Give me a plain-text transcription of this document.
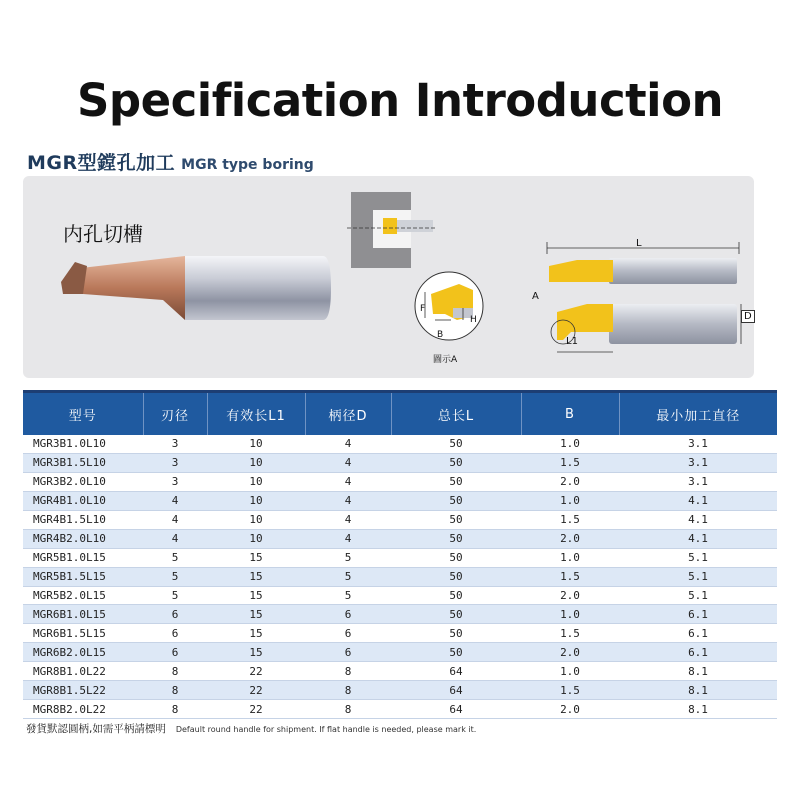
Specification Introduction
MGR型鏜孔加工 MGR type boring
内孔切槽
F
B
H
圖示A
L
A
D
L1
型号	刃径	有效长L1	柄径D	总长L	B	最小加工直径
MGR3B1.0L10	3	10	4	50	1.0	3.1
MGR3B1.5L10	3	10	4	50	1.5	3.1
MGR3B2.0L10	3	10	4	50	2.0	3.1
MGR4B1.0L10	4	10	4	50	1.0	4.1
MGR4B1.5L10	4	10	4	50	1.5	4.1
MGR4B2.0L10	4	10	4	50	2.0	4.1
MGR5B1.0L15	5	15	5	50	1.0	5.1
MGR5B1.5L15	5	15	5	50	1.5	5.1
MGR5B2.0L15	5	15	5	50	2.0	5.1
MGR6B1.0L15	6	15	6	50	1.0	6.1
MGR6B1.5L15	6	15	6	50	1.5	6.1
MGR6B2.0L15	6	15	6	50	2.0	6.1
MGR8B1.0L22	8	22	8	64	1.0	8.1
MGR8B1.5L22	8	22	8	64	1.5	8.1
MGR8B2.0L22	8	22	8	64	2.0	8.1
發貨默認圓柄,如需平柄請標明 Default round handle for shipment. If flat handle is needed, please mark it.
